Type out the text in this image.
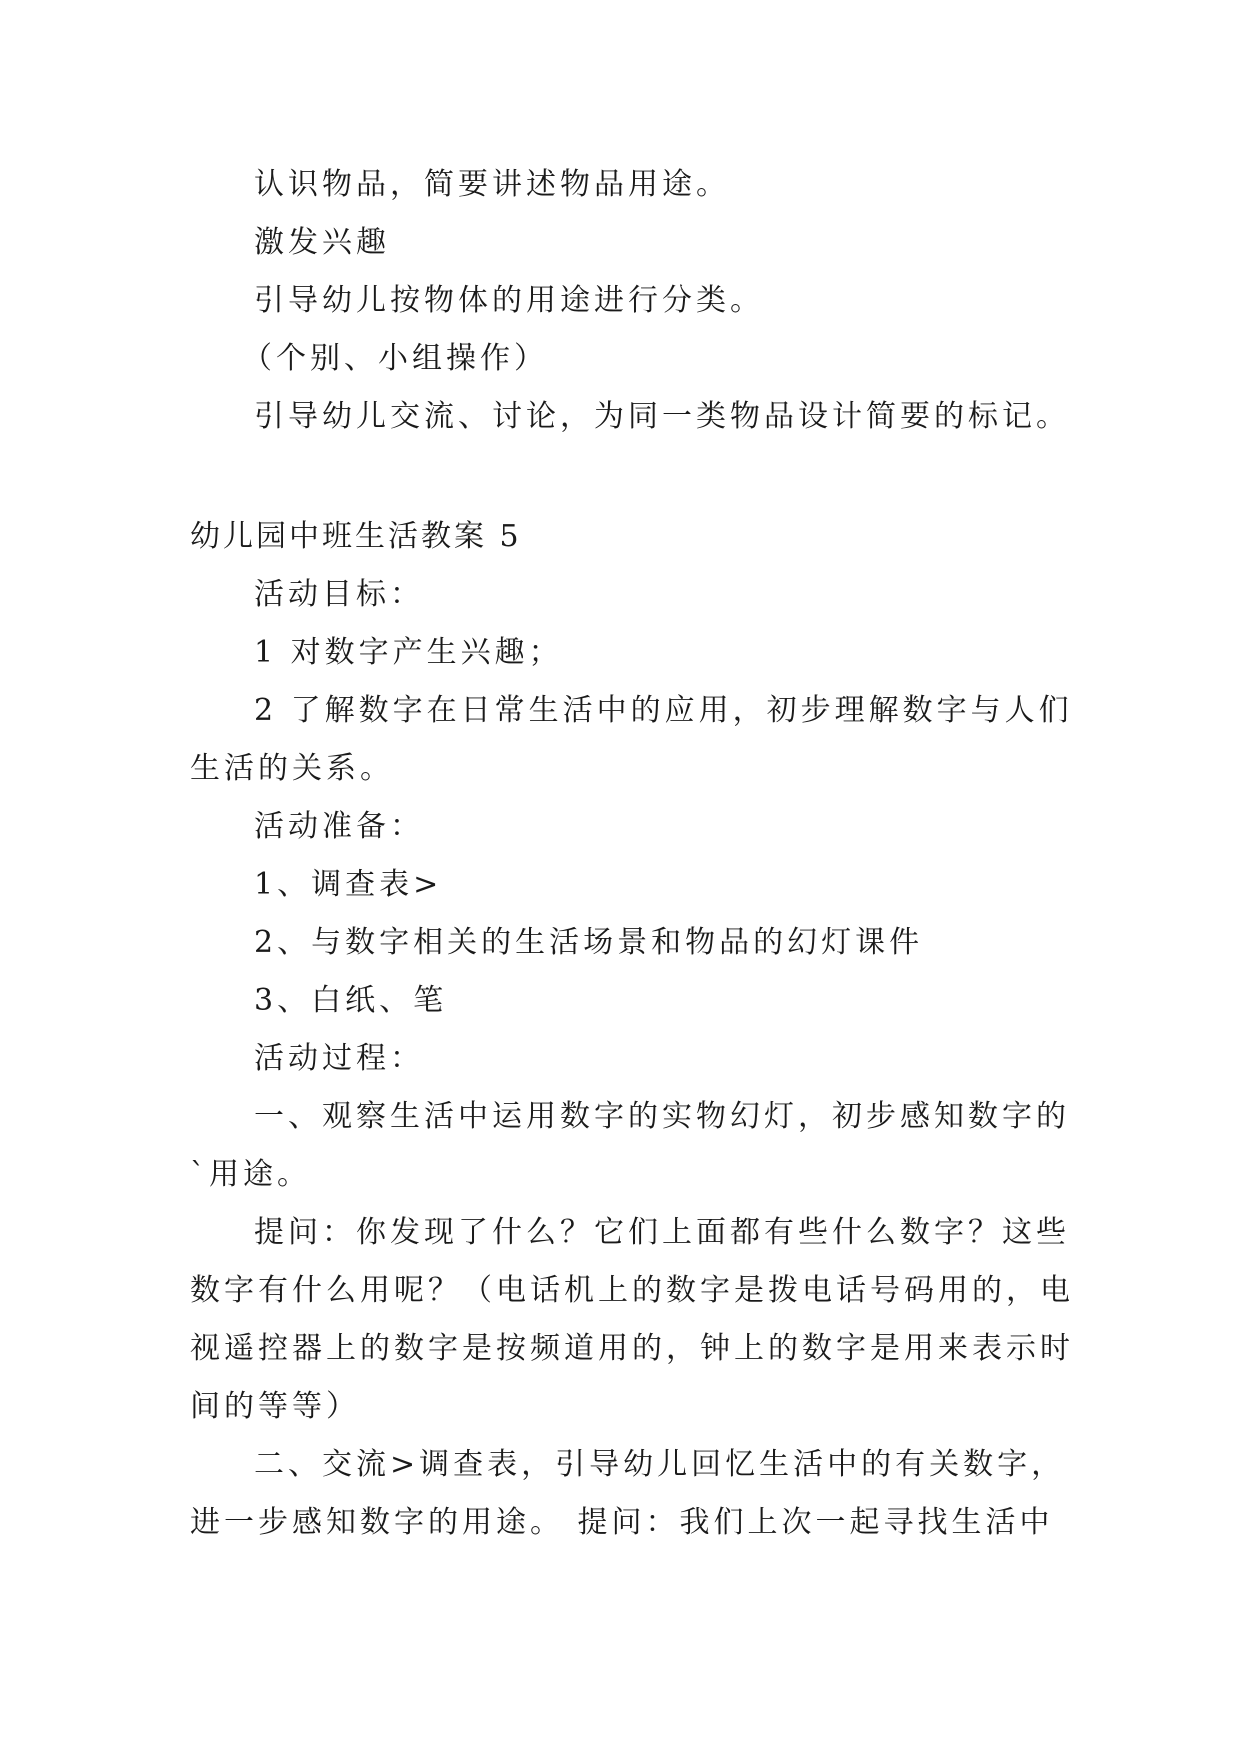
认识物品，简要讲述物品用途。
激发兴趣
引导幼儿按物体的用途进行分类。
（个别、小组操作）
引导幼儿交流、讨论，为同一类物品设计简要的标记。
幼儿园中班生活教案 5
活动目标：
1 对数字产生兴趣；
2 了解数字在日常生活中的应用，初步理解数字与人们
生活的关系。
活动准备：
1、调查表>
2、与数字相关的生活场景和物品的幻灯课件
3、白纸、笔
活动过程：
一、观察生活中运用数字的实物幻灯，初步感知数字的
`用途。
提问：你发现了什么？它们上面都有些什么数字？这些
数字有什么用呢？（电话机上的数字是拨电话号码用的，电
视遥控器上的数字是按频道用的，钟上的数字是用来表示时
间的等等）
二、交流>调查表，引导幼儿回忆生活中的有关数字，
进一步感知数字的用途。 提问：我们上次一起寻找生活中
